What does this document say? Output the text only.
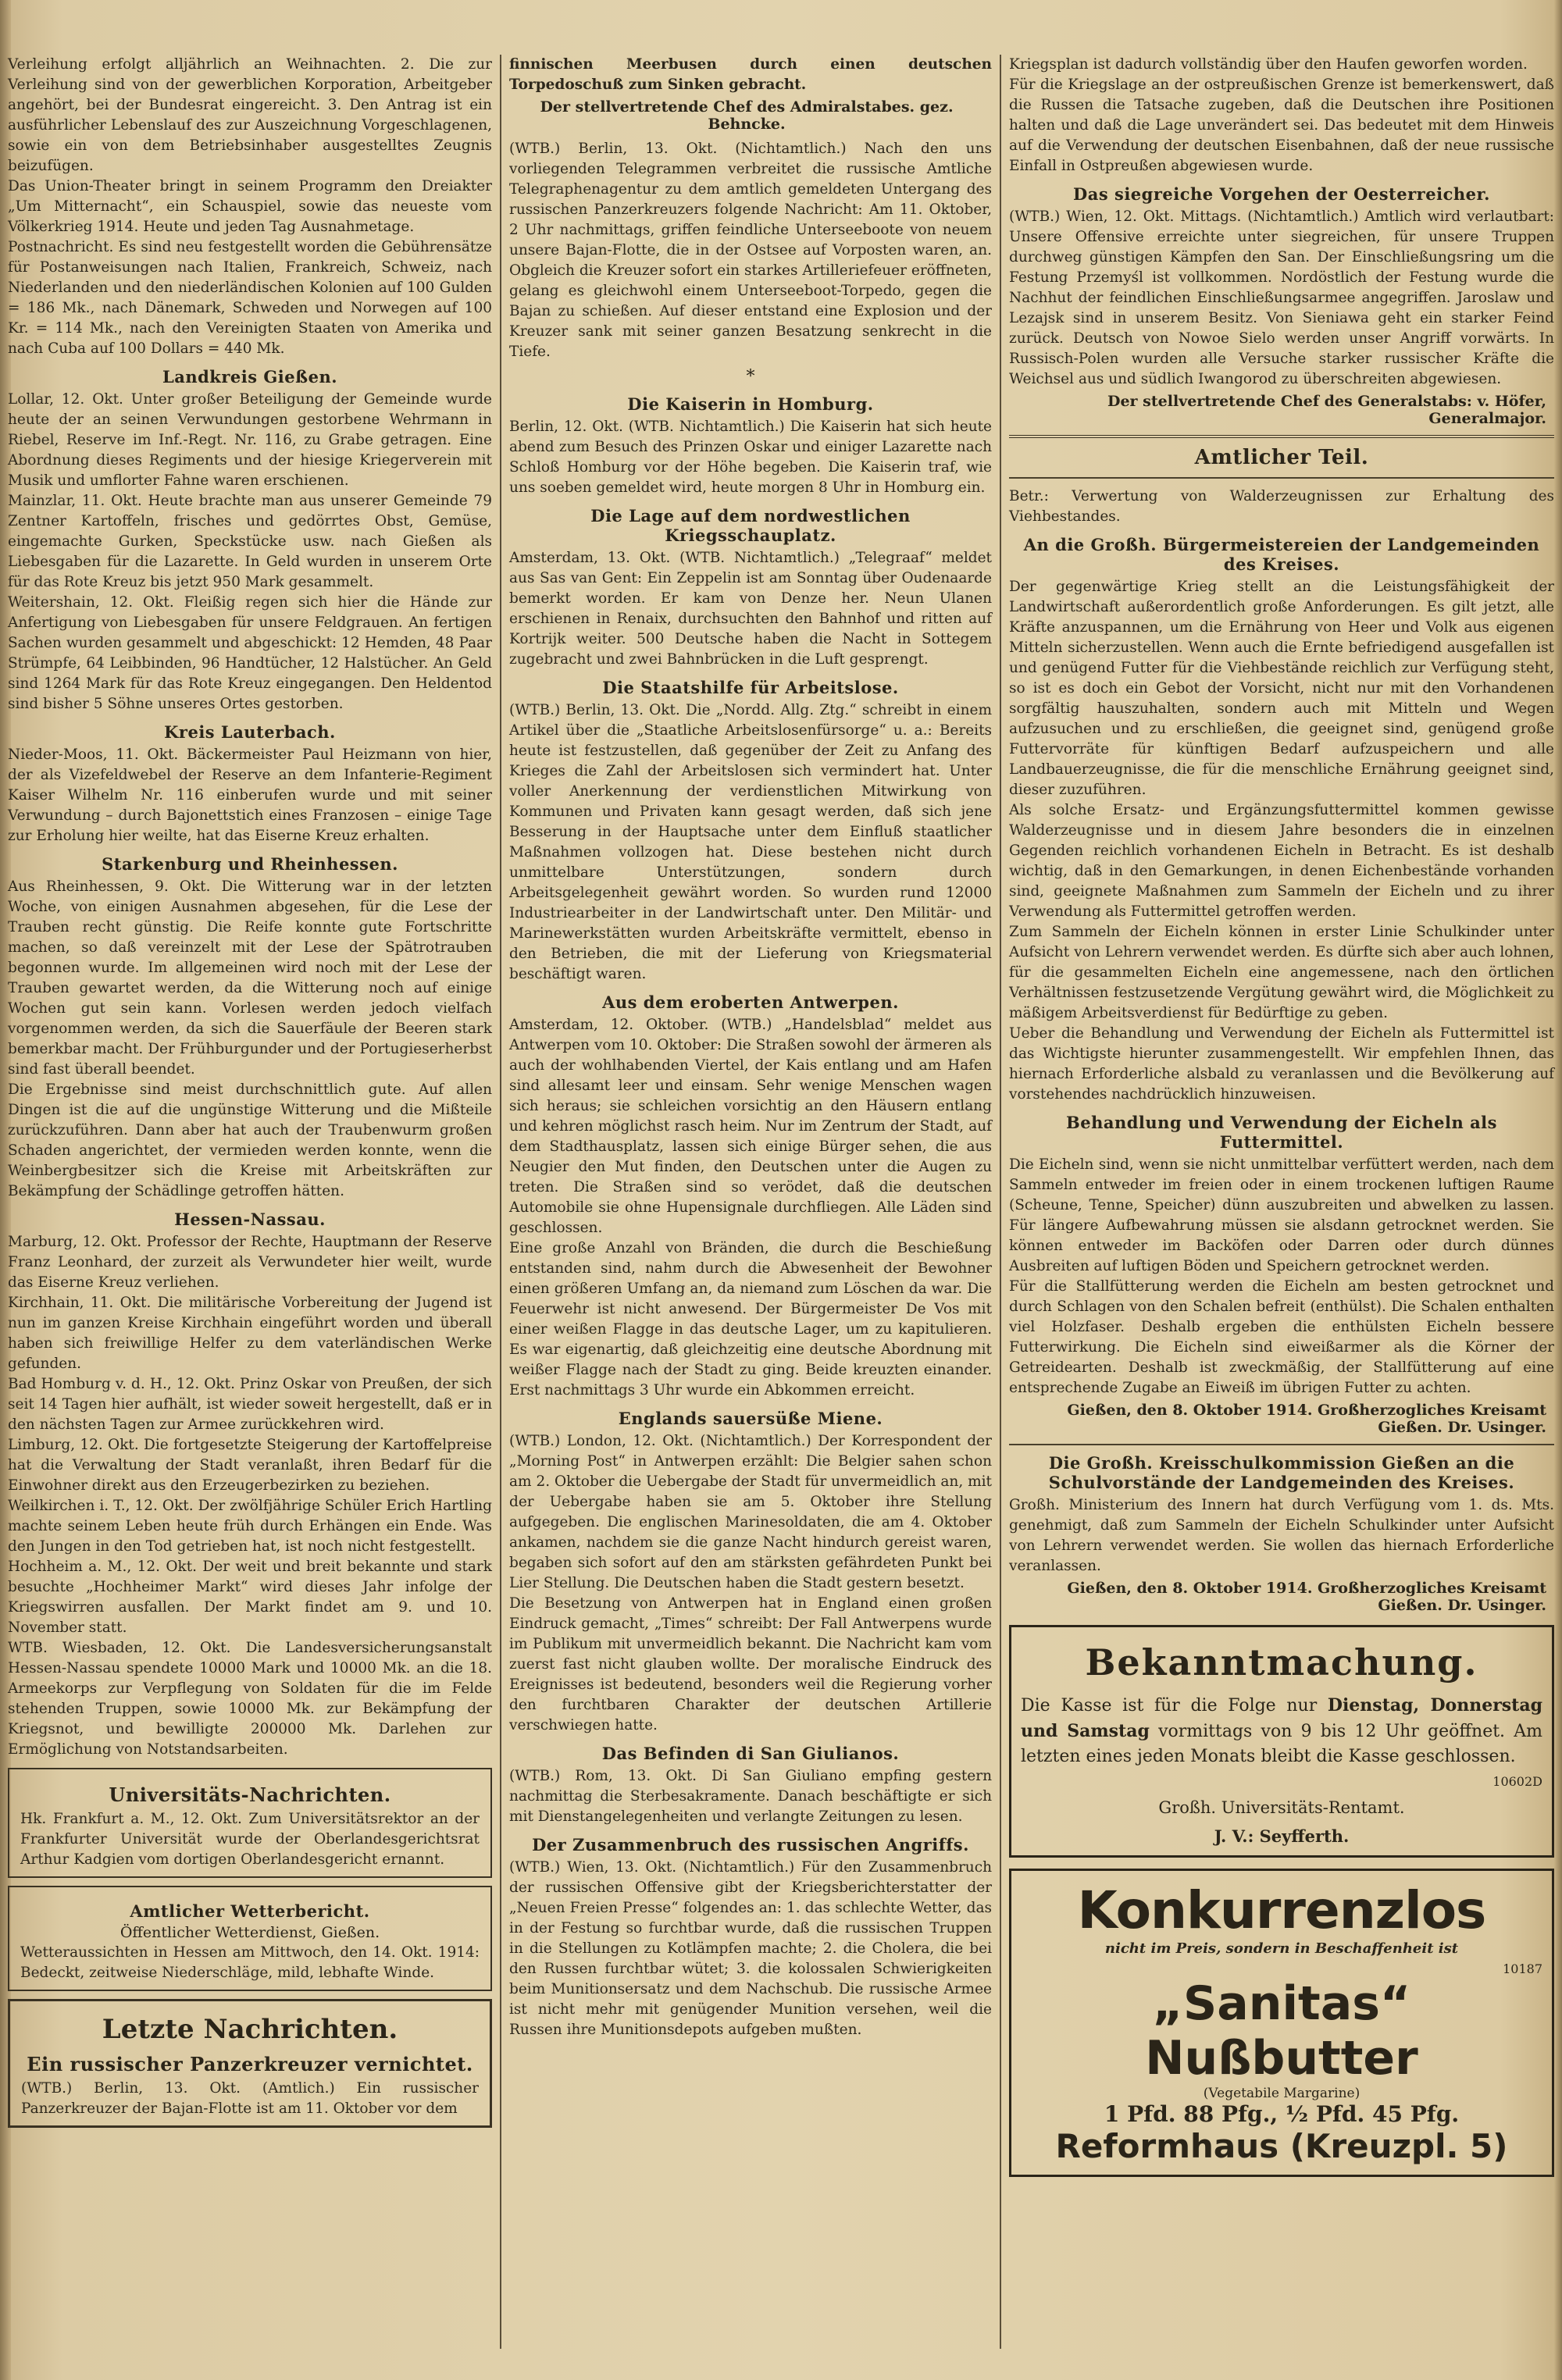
Verleihung erfolgt alljährlich an Weihnachten. 2. Die zur Verleihung sind von der gewerblichen Korporation, Arbeitgeber angehört, bei der Bundesrat eingereicht. 3. Den Antrag ist ein ausführlicher Lebenslauf des zur Auszeichnung Vorgeschlagenen, sowie ein von dem Betriebsinhaber ausgestelltes Zeugnis beizufügen.

Das Union-Theater bringt in seinem Programm den Dreiakter „Um Mitternacht“, ein Schauspiel, sowie das neueste vom Völkerkrieg 1914. Heute und jeden Tag Ausnahmetage.

Postnachricht. Es sind neu festgestellt worden die Gebührensätze für Postanweisungen nach Italien, Frankreich, Schweiz, nach Niederlanden und den niederländischen Kolonien auf 100 Gulden = 186 Mk., nach Dänemark, Schweden und Norwegen auf 100 Kr. = 114 Mk., nach den Vereinigten Staaten von Amerika und nach Cuba auf 100 Dollars = 440 Mk.

Landkreis Gießen.

Lollar, 12. Okt. Unter großer Beteiligung der Gemeinde wurde heute der an seinen Verwundungen gestorbene Wehrmann in Riebel, Reserve im Inf.-Regt. Nr. 116, zu Grabe getragen. Eine Abordnung dieses Regiments und der hiesige Kriegerverein mit Musik und umflorter Fahne waren erschienen.

Mainzlar, 11. Okt. Heute brachte man aus unserer Gemeinde 79 Zentner Kartoffeln, frisches und gedörrtes Obst, Gemüse, eingemachte Gurken, Speckstücke usw. nach Gießen als Liebesgaben für die Lazarette. In Geld wurden in unserem Orte für das Rote Kreuz bis jetzt 950 Mark gesammelt.

Weitershain, 12. Okt. Fleißig regen sich hier die Hände zur Anfertigung von Liebesgaben für unsere Feldgrauen. An fertigen Sachen wurden gesammelt und abgeschickt: 12 Hemden, 48 Paar Strümpfe, 64 Leibbinden, 96 Handtücher, 12 Halstücher. An Geld sind 1264 Mark für das Rote Kreuz eingegangen. Den Heldentod sind bisher 5 Söhne unseres Ortes gestorben.

Kreis Lauterbach.

Nieder-Moos, 11. Okt. Bäckermeister Paul Heizmann von hier, der als Vizefeldwebel der Reserve an dem Infanterie-Regiment Kaiser Wilhelm Nr. 116 einberufen wurde und mit seiner Verwundung – durch Bajonettstich eines Franzosen – einige Tage zur Erholung hier weilte, hat das Eiserne Kreuz erhalten.

Starkenburg und Rheinhessen.

Aus Rheinhessen, 9. Okt. Die Witterung war in der letzten Woche, von einigen Ausnahmen abgesehen, für die Lese der Trauben recht günstig. Die Reife konnte gute Fortschritte machen, so daß vereinzelt mit der Lese der Spätrotrauben begonnen wurde. Im allgemeinen wird noch mit der Lese der Trauben gewartet werden, da die Witterung noch auf einige Wochen gut sein kann. Vorlesen werden jedoch vielfach vorgenommen werden, da sich die Sauerfäule der Beeren stark bemerkbar macht. Der Frühburgunder und der Portugieserherbst sind fast überall beendet.

Die Ergebnisse sind meist durchschnittlich gute. Auf allen Dingen ist die auf die ungünstige Witterung und die Mißteile zurückzuführen. Dann aber hat auch der Traubenwurm großen Schaden angerichtet, der vermieden werden konnte, wenn die Weinbergbesitzer sich die Kreise mit Arbeitskräften zur Bekämpfung der Schädlinge getroffen hätten.

Hessen-Nassau.

Marburg, 12. Okt. Professor der Rechte, Hauptmann der Reserve Franz Leonhard, der zurzeit als Verwundeter hier weilt, wurde das Eiserne Kreuz verliehen.

Kirchhain, 11. Okt. Die militärische Vorbereitung der Jugend ist nun im ganzen Kreise Kirchhain eingeführt worden und überall haben sich freiwillige Helfer zu dem vaterländischen Werke gefunden.

Bad Homburg v. d. H., 12. Okt. Prinz Oskar von Preußen, der sich seit 14 Tagen hier aufhält, ist wieder soweit hergestellt, daß er in den nächsten Tagen zur Armee zurückkehren wird.

Limburg, 12. Okt. Die fortgesetzte Steigerung der Kartoffelpreise hat die Verwaltung der Stadt veranlaßt, ihren Bedarf für die Einwohner direkt aus den Erzeugerbezirken zu beziehen.

Weilkirchen i. T., 12. Okt. Der zwölfjährige Schüler Erich Hartling machte seinem Leben heute früh durch Erhängen ein Ende. Was den Jungen in den Tod getrieben hat, ist noch nicht festgestellt.

Hochheim a. M., 12. Okt. Der weit und breit bekannte und stark besuchte „Hochheimer Markt“ wird dieses Jahr infolge der Kriegswirren ausfallen. Der Markt findet am 9. und 10. November statt.

WTB. Wiesbaden, 12. Okt. Die Landesversicherungsanstalt Hessen-Nassau spendete 10000 Mark und 10000 Mk. an die 18. Armeekorps zur Verpflegung von Soldaten für die im Felde stehenden Truppen, sowie 10000 Mk. zur Bekämpfung der Kriegsnot, und bewilligte 200000 Mk. Darlehen zur Ermöglichung von Notstandsarbeiten.

Universitäts-Nachrichten.

Hk. Frankfurt a. M., 12. Okt. Zum Universitätsrektor an der Frankfurter Universität wurde der Oberlandesgerichtsrat Arthur Kadgien vom dortigen Oberlandesgericht ernannt.

Amtlicher Wetterbericht.
Öffentlicher Wetterdienst, Gießen.

Wetteraussichten in Hessen am Mittwoch, den 14. Okt. 1914: Bedeckt, zeitweise Niederschläge, mild, lebhafte Winde.

Letzte Nachrichten.
Ein russischer Panzerkreuzer vernichtet.

(WTB.) Berlin, 13. Okt. (Amtlich.) Ein russischer Panzerkreuzer der Bajan-Flotte ist am 11. Oktober vor dem

finnischen Meerbusen durch einen deutschen Torpedoschuß zum Sinken gebracht.

Der stellvertretende Chef des Admiralstabes. gez. Behncke.

(WTB.) Berlin, 13. Okt. (Nichtamtlich.) Nach den uns vorliegenden Telegrammen verbreitet die russische Amtliche Telegraphenagentur zu dem amtlich gemeldeten Untergang des russischen Panzerkreuzers folgende Nachricht: Am 11. Oktober, 2 Uhr nachmittags, griffen feindliche Unterseeboote von neuem unsere Bajan-Flotte, die in der Ostsee auf Vorposten waren, an. Obgleich die Kreuzer sofort ein starkes Artilleriefeuer eröffneten, gelang es gleichwohl einem Unterseeboot-Torpedo, gegen die Bajan zu schießen. Auf dieser entstand eine Explosion und der Kreuzer sank mit seiner ganzen Besatzung senkrecht in die Tiefe.

*
Die Kaiserin in Homburg.

Berlin, 12. Okt. (WTB. Nichtamtlich.) Die Kaiserin hat sich heute abend zum Besuch des Prinzen Oskar und einiger Lazarette nach Schloß Homburg vor der Höhe begeben. Die Kaiserin traf, wie uns soeben gemeldet wird, heute morgen 8 Uhr in Homburg ein.

Die Lage auf dem nordwestlichen Kriegsschauplatz.

Amsterdam, 13. Okt. (WTB. Nichtamtlich.) „Telegraaf“ meldet aus Sas van Gent: Ein Zeppelin ist am Sonntag über Oudenaarde bemerkt worden. Er kam von Denze her. Neun Ulanen erschienen in Renaix, durchsuchten den Bahnhof und ritten auf Kortrijk weiter. 500 Deutsche haben die Nacht in Sottegem zugebracht und zwei Bahnbrücken in die Luft gesprengt.

Die Staatshilfe für Arbeitslose.

(WTB.) Berlin, 13. Okt. Die „Nordd. Allg. Ztg.“ schreibt in einem Artikel über die „Staatliche Arbeitslosenfürsorge“ u. a.: Bereits heute ist festzustellen, daß gegenüber der Zeit zu Anfang des Krieges die Zahl der Arbeitslosen sich vermindert hat. Unter voller Anerkennung der verdienstlichen Mitwirkung von Kommunen und Privaten kann gesagt werden, daß sich jene Besserung in der Hauptsache unter dem Einfluß staatlicher Maßnahmen vollzogen hat. Diese bestehen nicht durch unmittelbare Unterstützungen, sondern durch Arbeitsgelegenheit gewährt worden. So wurden rund 12000 Industriearbeiter in der Landwirtschaft unter. Den Militär- und Marinewerkstätten wurden Arbeitskräfte vermittelt, ebenso in den Betrieben, die mit der Lieferung von Kriegsmaterial beschäftigt waren.

Aus dem eroberten Antwerpen.

Amsterdam, 12. Oktober. (WTB.) „Handelsblad“ meldet aus Antwerpen vom 10. Oktober: Die Straßen sowohl der ärmeren als auch der wohlhabenden Viertel, der Kais entlang und am Hafen sind allesamt leer und einsam. Sehr wenige Menschen wagen sich heraus; sie schleichen vorsichtig an den Häusern entlang und kehren möglichst rasch heim. Nur im Zentrum der Stadt, auf dem Stadthausplatz, lassen sich einige Bürger sehen, die aus Neugier den Mut finden, den Deutschen unter die Augen zu treten. Die Straßen sind so verödet, daß die deutschen Automobile sie ohne Hupensignale durchfliegen. Alle Läden sind geschlossen.

Eine große Anzahl von Bränden, die durch die Beschießung entstanden sind, nahm durch die Abwesenheit der Bewohner einen größeren Umfang an, da niemand zum Löschen da war. Die Feuerwehr ist nicht anwesend. Der Bürgermeister De Vos mit einer weißen Flagge in das deutsche Lager, um zu kapitulieren. Es war eigenartig, daß gleichzeitig eine deutsche Abordnung mit weißer Flagge nach der Stadt zu ging. Beide kreuzten einander. Erst nachmittags 3 Uhr wurde ein Abkommen erreicht.

Englands sauersüße Miene.

(WTB.) London, 12. Okt. (Nichtamtlich.) Der Korrespondent der „Morning Post“ in Antwerpen erzählt: Die Belgier sahen schon am 2. Oktober die Uebergabe der Stadt für unvermeidlich an, mit der Uebergabe haben sie am 5. Oktober ihre Stellung aufgegeben. Die englischen Marinesoldaten, die am 4. Oktober ankamen, nachdem sie die ganze Nacht hindurch gereist waren, begaben sich sofort auf den am stärksten gefährdeten Punkt bei Lier Stellung. Die Deutschen haben die Stadt gestern besetzt.

Die Besetzung von Antwerpen hat in England einen großen Eindruck gemacht, „Times“ schreibt: Der Fall Antwerpens wurde im Publikum mit unvermeidlich bekannt. Die Nachricht kam vom zuerst fast nicht glauben wollte. Der moralische Eindruck des Ereignisses ist bedeutend, besonders weil die Regierung vorher den furchtbaren Charakter der deutschen Artillerie verschwiegen hatte.

Das Befinden di San Giulianos.

(WTB.) Rom, 13. Okt. Di San Giuliano empfing gestern nachmittag die Sterbesakramente. Danach beschäftigte er sich mit Dienstangelegenheiten und verlangte Zeitungen zu lesen.

Der Zusammenbruch des russischen Angriffs.

(WTB.) Wien, 13. Okt. (Nichtamtlich.) Für den Zusammenbruch der russischen Offensive gibt der Kriegsberichterstatter der „Neuen Freien Presse“ folgendes an: 1. das schlechte Wetter, das in der Festung so furchtbar wurde, daß die russischen Truppen in die Stellungen zu Kotlämpfen machte; 2. die Cholera, die bei den Russen furchtbar wütet; 3. die kolossalen Schwierigkeiten beim Munitionsersatz und dem Nachschub. Die russische Armee ist nicht mehr mit genügender Munition versehen, weil die Russen ihre Munitionsdepots aufgeben mußten.

Kriegsplan ist dadurch vollständig über den Haufen geworfen worden.

Für die Kriegslage an der ostpreußischen Grenze ist bemerkenswert, daß die Russen die Tatsache zugeben, daß die Deutschen ihre Positionen halten und daß die Lage unverändert sei. Das bedeutet mit dem Hinweis auf die Verwendung der deutschen Eisenbahnen, daß der neue russische Einfall in Ostpreußen abgewiesen wurde.

Das siegreiche Vorgehen der Oesterreicher.

(WTB.) Wien, 12. Okt. Mittags. (Nichtamtlich.) Amtlich wird verlautbart: Unsere Offensive erreichte unter siegreichen, für unsere Truppen durchweg günstigen Kämpfen den San. Der Einschließungsring um die Festung Przemyśl ist vollkommen. Nordöstlich der Festung wurde die Nachhut der feindlichen Einschließungsarmee angegriffen. Jaroslaw und Lezajsk sind in unserem Besitz. Von Sieniawa geht ein starker Feind zurück. Deutsch von Nowoe Sielo werden unser Angriff vorwärts. In Russisch-Polen wurden alle Versuche starker russischer Kräfte die Weichsel aus und südlich Iwangorod zu überschreiten abgewiesen.

Der stellvertretende Chef des Generalstabs: v. Höfer, Generalmajor.
Amtlicher Teil.

Betr.: Verwertung von Walderzeugnissen zur Erhaltung des Viehbestandes.

An die Großh. Bürgermeistereien der Landgemeinden des Kreises.

Der gegenwärtige Krieg stellt an die Leistungsfähigkeit der Landwirtschaft außerordentlich große Anforderungen. Es gilt jetzt, alle Kräfte anzuspannen, um die Ernährung von Heer und Volk aus eigenen Mitteln sicherzustellen. Wenn auch die Ernte befriedigend ausgefallen ist und genügend Futter für die Viehbestände reichlich zur Verfügung steht, so ist es doch ein Gebot der Vorsicht, nicht nur mit den Vorhandenen sorgfältig hauszuhalten, sondern auch mit Mitteln und Wegen aufzusuchen und zu erschließen, die geeignet sind, genügend große Futtervorräte für künftigen Bedarf aufzuspeichern und alle Landbauerzeugnisse, die für die menschliche Ernährung geeignet sind, dieser zuzuführen.

Als solche Ersatz- und Ergänzungsfuttermittel kommen gewisse Walderzeugnisse und in diesem Jahre besonders die in einzelnen Gegenden reichlich vorhandenen Eicheln in Betracht. Es ist deshalb wichtig, daß in den Gemarkungen, in denen Eichenbestände vorhanden sind, geeignete Maßnahmen zum Sammeln der Eicheln und zu ihrer Verwendung als Futtermittel getroffen werden.

Zum Sammeln der Eicheln können in erster Linie Schulkinder unter Aufsicht von Lehrern verwendet werden. Es dürfte sich aber auch lohnen, für die gesammelten Eicheln eine angemessene, nach den örtlichen Verhältnissen festzusetzende Vergütung gewährt wird, die Möglichkeit zu mäßigem Arbeitsverdienst für Bedürftige zu geben.

Ueber die Behandlung und Verwendung der Eicheln als Futtermittel ist das Wichtigste hierunter zusammengestellt. Wir empfehlen Ihnen, das hiernach Erforderliche alsbald zu veranlassen und die Bevölkerung auf vorstehendes nachdrücklich hinzuweisen.

Behandlung und Verwendung der Eicheln als Futtermittel.

Die Eicheln sind, wenn sie nicht unmittelbar verfüttert werden, nach dem Sammeln entweder im freien oder in einem trockenen luftigen Raume (Scheune, Tenne, Speicher) dünn auszubreiten und abwelken zu lassen. Für längere Aufbewahrung müssen sie alsdann getrocknet werden. Sie können entweder im Backöfen oder Darren oder durch dünnes Ausbreiten auf luftigen Böden und Speichern getrocknet werden.

Für die Stallfütterung werden die Eicheln am besten getrocknet und durch Schlagen von den Schalen befreit (enthülst). Die Schalen enthalten viel Holzfaser. Deshalb ergeben die enthülsten Eicheln bessere Futterwirkung. Die Eicheln sind eiweißarmer als die Körner der Getreidearten. Deshalb ist zweckmäßig, der Stallfütterung auf eine entsprechende Zugabe an Eiweiß im übrigen Futter zu achten.

Gießen, den 8. Oktober 1914. Großherzogliches Kreisamt Gießen. Dr. Usinger.
Die Großh. Kreisschulkommission Gießen an die Schulvorstände der Landgemeinden des Kreises.

Großh. Ministerium des Innern hat durch Verfügung vom 1. ds. Mts. genehmigt, daß zum Sammeln der Eicheln Schulkinder unter Aufsicht von Lehrern verwendet werden. Sie wollen das hiernach Erforderliche veranlassen.

Gießen, den 8. Oktober 1914. Großherzogliches Kreisamt Gießen. Dr. Usinger.
Bekanntmachung.
Die Kasse ist für die Folge nur Dienstag, Donnerstag und Samstag vormittags von 9 bis 12 Uhr geöffnet. Am letzten eines jeden Monats bleibt die Kasse geschlossen.
10602D
Großh. Universitäts-Rentamt.
J. V.: Seyfferth.
Konkurrenzlos
nicht im Preis, sondern in Beschaffenheit ist
10187
„Sanitas“ Nußbutter
(Vegetabile Margarine)
1 Pfd. 88 Pfg., ½ Pfd. 45 Pfg.
Reformhaus (Kreuzpl. 5)
